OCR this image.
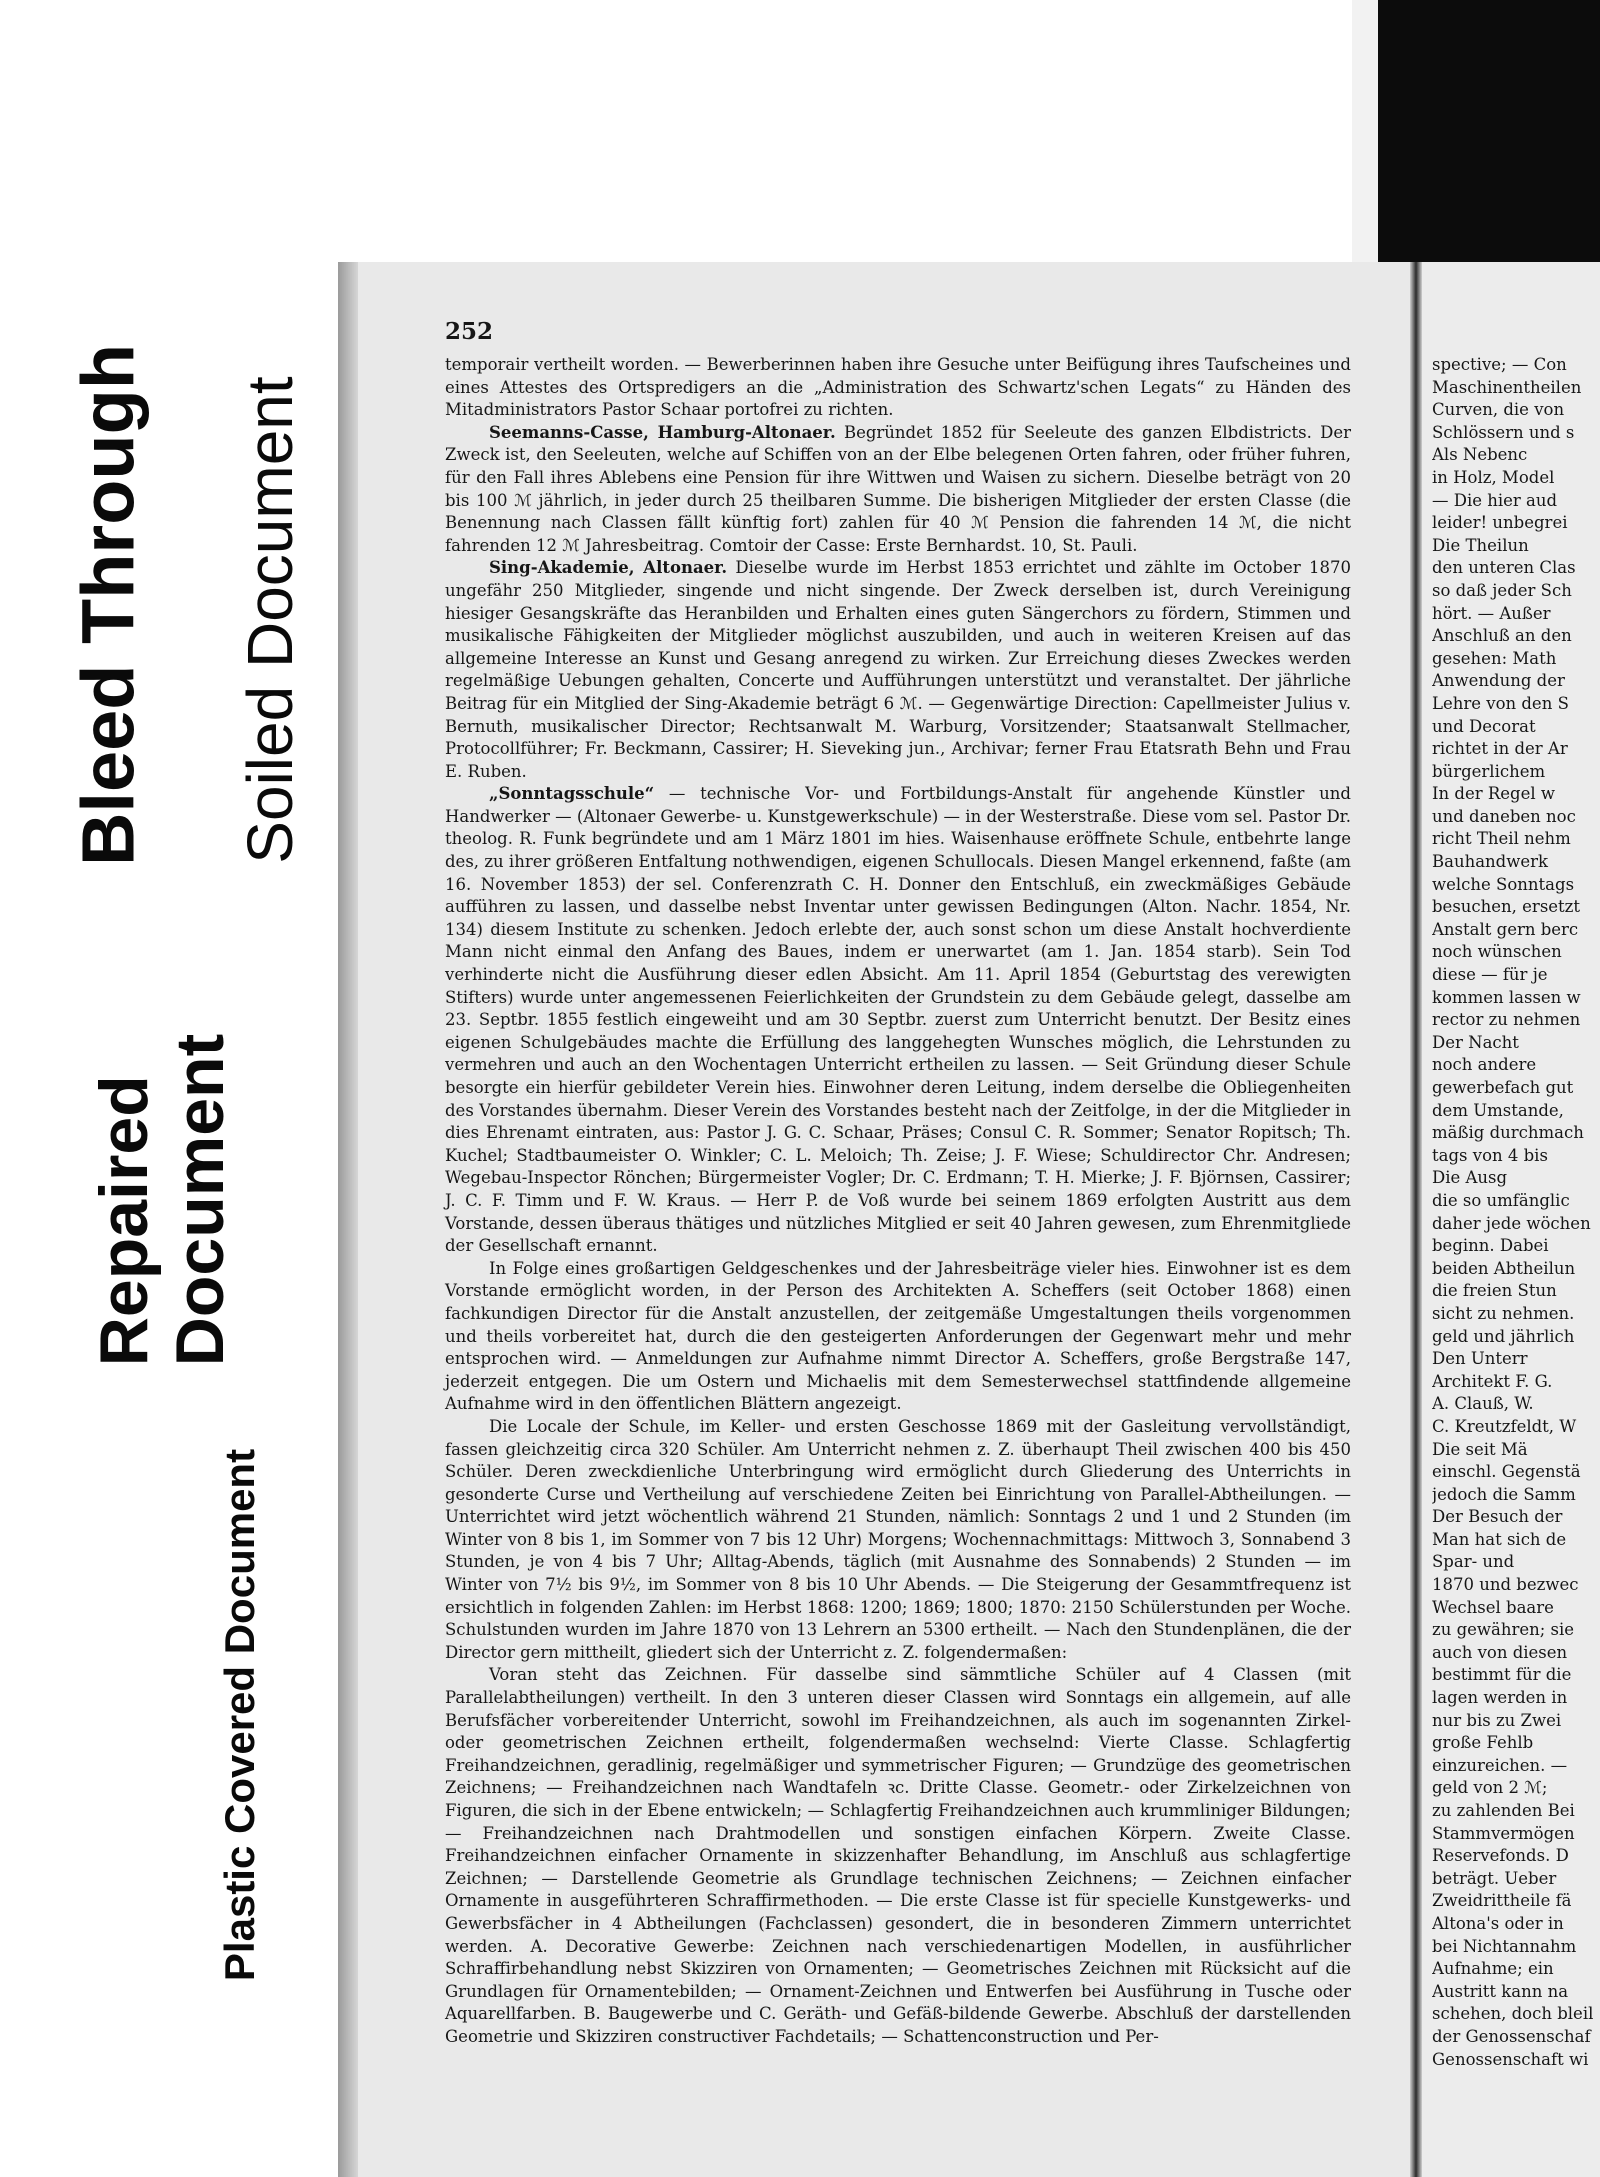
Bleed Through Soiled Document
Repaired
Document
Plastic Covered Document
spective; — Con
Maschinentheilen
Curven, die von
Schlössern und s
Als Nebenc
in Holz, Model
— Die hier aud
leider! unbegrei
Die Theilun
den unteren Clas
so daß jeder Sch
hört. — Außer
Anschluß an den
gesehen: Math
Anwendung der
Lehre von den S
und Decorat
richtet in der Ar
bürgerlichem
In der Regel w
und daneben noc
richt Theil nehm
Bauhandwerk
welche Sonntags
besuchen, ersetzt
Anstalt gern berc
noch wünschen
diese — für je
kommen lassen w
rector zu nehmen
Der Nacht
noch andere
gewerbefach gut
dem Umstande,
mäßig durchmach
tags von 4 bis
Die Ausg
die so umfänglic
daher jede wöchen
beginn. Dabei
beiden Abtheilun
die freien Stun
sicht zu nehmen.
geld und jährlich
Den Unterr
Architekt F. G.
A. Clauß, W.
C. Kreutzfeldt, W
Die seit Mä
einschl. Gegenstä
jedoch die Samm
Der Besuch der
Man hat sich de
Spar- und
1870 und bezwec
Wechsel baare
zu gewähren; sie
auch von diesen
bestimmt für die
lagen werden in
nur bis zu Zwei
große Fehlb
einzureichen. —
geld von 2 ℳ;
zu zahlenden Bei
Stammvermögen
Reservefonds. D
beträgt. Ueber
Zweidrittheile fä
Altona's oder in
bei Nichtannahm
Aufnahme; ein
Austritt kann na
schehen, doch bleil
der Genossenschaf
Genossenschaft wi
252

temporair vertheilt worden. — Bewerberinnen haben ihre Gesuche unter Beifügung ihres Taufscheines und eines Attestes des Ortspredigers an die „Administration des Schwartz'schen Legats“ zu Händen des Mitadministrators Pastor Schaar portofrei zu richten.

Seemanns-Casse, Hamburg-Altonaer. Begründet 1852 für Seeleute des ganzen Elbdistricts. Der Zweck ist, den Seeleuten, welche auf Schiffen von an der Elbe belegenen Orten fahren, oder früher fuhren, für den Fall ihres Ablebens eine Pension für ihre Wittwen und Waisen zu sichern. Dieselbe beträgt von 20 bis 100 ℳ jährlich, in jeder durch 25 theilbaren Summe. Die bisherigen Mitglieder der ersten Classe (die Benennung nach Classen fällt künftig fort) zahlen für 40 ℳ Pension die fahrenden 14 ℳ, die nicht fahrenden 12 ℳ Jahresbeitrag. Comtoir der Casse: Erste Bernhardst. 10, St. Pauli.

Sing-Akademie, Altonaer. Dieselbe wurde im Herbst 1853 errichtet und zählte im October 1870 ungefähr 250 Mitglieder, singende und nicht singende. Der Zweck derselben ist, durch Vereinigung hiesiger Gesangskräfte das Heranbilden und Erhalten eines guten Sängerchors zu fördern, Stimmen und musikalische Fähigkeiten der Mitglieder möglichst auszubilden, und auch in weiteren Kreisen auf das allgemeine Interesse an Kunst und Gesang anregend zu wirken. Zur Erreichung dieses Zweckes werden regelmäßige Uebungen gehalten, Concerte und Aufführungen unterstützt und veranstaltet. Der jährliche Beitrag für ein Mitglied der Sing-Akademie beträgt 6 ℳ. — Gegenwärtige Direction: Capellmeister Julius v. Bernuth, musikalischer Director; Rechtsanwalt M. Warburg, Vorsitzender; Staatsanwalt Stellmacher, Protocollführer; Fr. Beckmann, Cassirer; H. Sieveking jun., Archivar; ferner Frau Etatsrath Behn und Frau E. Ruben.

„Sonntagsschule“ — technische Vor- und Fortbildungs-Anstalt für angehende Künstler und Handwerker — (Altonaer Gewerbe- u. Kunstgewerkschule) — in der Westerstraße. Diese vom sel. Pastor Dr. theolog. R. Funk begründete und am 1 März 1801 im hies. Waisenhause eröffnete Schule, entbehrte lange des, zu ihrer größeren Entfaltung nothwendigen, eigenen Schullocals. Diesen Mangel erkennend, faßte (am 16. November 1853) der sel. Conferenzrath C. H. Donner den Entschluß, ein zweckmäßiges Gebäude aufführen zu lassen, und dasselbe nebst Inventar unter gewissen Bedingungen (Alton. Nachr. 1854, Nr. 134) diesem Institute zu schenken. Jedoch erlebte der, auch sonst schon um diese Anstalt hochverdiente Mann nicht einmal den Anfang des Baues, indem er unerwartet (am 1. Jan. 1854 starb). Sein Tod verhinderte nicht die Ausführung dieser edlen Absicht. Am 11. April 1854 (Geburtstag des verewigten Stifters) wurde unter angemessenen Feierlichkeiten der Grundstein zu dem Gebäude gelegt, dasselbe am 23. Septbr. 1855 festlich eingeweiht und am 30 Septbr. zuerst zum Unterricht benutzt. Der Besitz eines eigenen Schulgebäudes machte die Erfüllung des langgehegten Wunsches möglich, die Lehrstunden zu vermehren und auch an den Wochentagen Unterricht ertheilen zu lassen. — Seit Gründung dieser Schule besorgte ein hierfür gebildeter Verein hies. Einwohner deren Leitung, indem derselbe die Obliegenheiten des Vorstandes übernahm. Dieser Verein des Vorstandes besteht nach der Zeitfolge, in der die Mitglieder in dies Ehrenamt eintraten, aus: Pastor J. G. C. Schaar, Präses; Consul C. R. Sommer; Senator Ropitsch; Th. Kuchel; Stadtbaumeister O. Winkler; C. L. Meloich; Th. Zeise; J. F. Wiese; Schuldirector Chr. Andresen; Wegebau-Inspector Rönchen; Bürgermeister Vogler; Dr. C. Erdmann; T. H. Mierke; J. F. Björnsen, Cassirer; J. C. F. Timm und F. W. Kraus. — Herr P. de Voß wurde bei seinem 1869 erfolgten Austritt aus dem Vorstande, dessen überaus thätiges und nützliches Mitglied er seit 40 Jahren gewesen, zum Ehrenmitgliede der Gesellschaft ernannt.

In Folge eines großartigen Geldgeschenkes und der Jahresbeiträge vieler hies. Einwohner ist es dem Vorstande ermöglicht worden, in der Person des Architekten A. Scheffers (seit October 1868) einen fachkundigen Director für die Anstalt anzustellen, der zeitgemäße Umgestaltungen theils vorgenommen und theils vorbereitet hat, durch die den gesteigerten Anforderungen der Gegenwart mehr und mehr entsprochen wird. — Anmeldungen zur Aufnahme nimmt Director A. Scheffers, große Bergstraße 147, jederzeit entgegen. Die um Ostern und Michaelis mit dem Semesterwechsel stattfindende allgemeine Aufnahme wird in den öffentlichen Blättern angezeigt.

Die Locale der Schule, im Keller- und ersten Geschosse 1869 mit der Gasleitung vervollständigt, fassen gleichzeitig circa 320 Schüler. Am Unterricht nehmen z. Z. überhaupt Theil zwischen 400 bis 450 Schüler. Deren zweckdienliche Unterbringung wird ermöglicht durch Gliederung des Unterrichts in gesonderte Curse und Vertheilung auf verschiedene Zeiten bei Einrichtung von Parallel-Abtheilungen. — Unterrichtet wird jetzt wöchentlich während 21 Stunden, nämlich: Sonntags 2 und 1 und 2 Stunden (im Winter von 8 bis 1, im Sommer von 7 bis 12 Uhr) Morgens; Wochennachmittags: Mittwoch 3, Sonnabend 3 Stunden, je von 4 bis 7 Uhr; Alltag-Abends, täglich (mit Ausnahme des Sonnabends) 2 Stunden — im Winter von 7½ bis 9½, im Sommer von 8 bis 10 Uhr Abends. — Die Steigerung der Gesammtfrequenz ist ersichtlich in folgenden Zahlen: im Herbst 1868: 1200; 1869; 1800; 1870: 2150 Schülerstunden per Woche. Schulstunden wurden im Jahre 1870 von 13 Lehrern an 5300 ertheilt. — Nach den Stundenplänen, die der Director gern mittheilt, gliedert sich der Unterricht z. Z. folgendermaßen:

Voran steht das Zeichnen. Für dasselbe sind sämmtliche Schüler auf 4 Classen (mit Parallelabtheilungen) vertheilt. In den 3 unteren dieser Classen wird Sonntags ein allgemein, auf alle Berufsfächer vorbereitender Unterricht, sowohl im Freihandzeichnen, als auch im sogenannten Zirkel- oder geometrischen Zeichnen ertheilt, folgendermaßen wechselnd: Vierte Classe. Schlagfertig Freihandzeichnen, geradlinig, regelmäßiger und symmetrischer Figuren; — Grundzüge des geometrischen Zeichnens; — Freihandzeichnen nach Wandtafeln ꝛc. Dritte Classe. Geometr.- oder Zirkelzeichnen von Figuren, die sich in der Ebene entwickeln; — Schlagfertig Freihandzeichnen auch krummliniger Bildungen; — Freihandzeichnen nach Drahtmodellen und sonstigen einfachen Körpern. Zweite Classe. Freihandzeichnen einfacher Ornamente in skizzenhafter Behandlung, im Anschluß aus schlagfertige Zeichnen; — Darstellende Geometrie als Grundlage technischen Zeichnens; — Zeichnen einfacher Ornamente in ausgeführteren Schraffirmethoden. — Die erste Classe ist für specielle Kunstgewerks- und Gewerbsfächer in 4 Abtheilungen (Fachclassen) gesondert, die in besonderen Zimmern unterrichtet werden. A. Decorative Gewerbe: Zeichnen nach verschiedenartigen Modellen, in ausführlicher Schraffirbehandlung nebst Skizziren von Ornamenten; — Geometrisches Zeichnen mit Rücksicht auf die Grundlagen für Ornamentebilden; — Ornament-Zeichnen und Entwerfen bei Ausführung in Tusche oder Aquarellfarben. B. Baugewerbe und C. Geräth- und Gefäß-bildende Gewerbe. Abschluß der darstellenden Geometrie und Skizziren constructiver Fachdetails; — Schattenconstruction und Per-
